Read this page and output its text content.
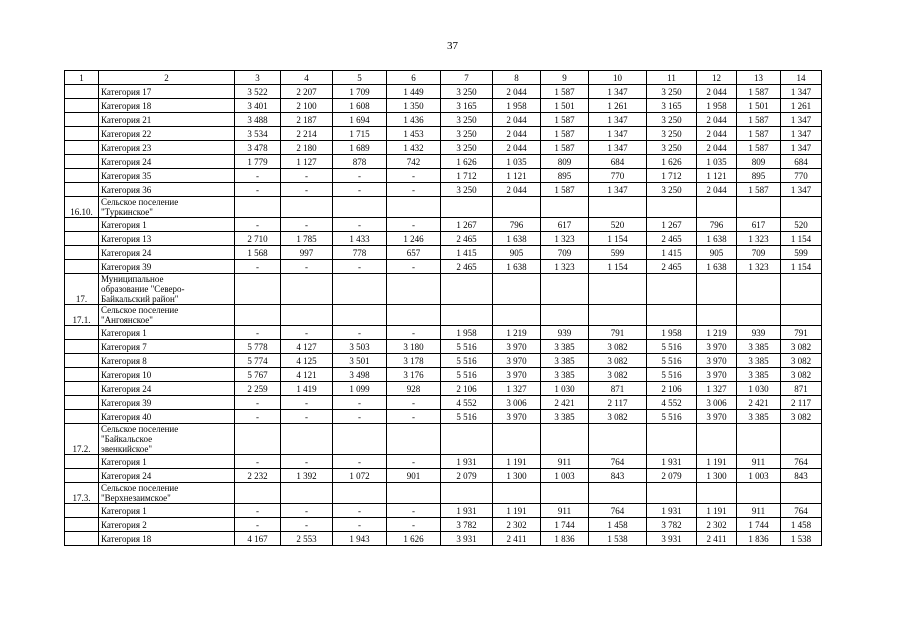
37
1	2	3	4	5	6	7	8	9	10	11	12	13	14

	Категория 17	3 522	2 207	1 709	1 449	3 250	2 044	1 587	1 347	3 250	2 044	1 587	1 347

	Категория 18	3 401	2 100	1 608	1 350	3 165	1 958	1 501	1 261	3 165	1 958	1 501	1 261

	Категория 21	3 488	2 187	1 694	1 436	3 250	2 044	1 587	1 347	3 250	2 044	1 587	1 347

	Категория 22	3 534	2 214	1 715	1 453	3 250	2 044	1 587	1 347	3 250	2 044	1 587	1 347

	Категория 23	3 478	2 180	1 689	1 432	3 250	2 044	1 587	1 347	3 250	2 044	1 587	1 347

	Категория 24	1 779	1 127	878	742	1 626	1 035	809	684	1 626	1 035	809	684

	Категория 35	-	-	-	-	1 712	1 121	895	770	1 712	1 121	895	770

	Категория 36	-	-	-	-	3 250	2 044	1 587	1 347	3 250	2 044	1 587	1 347
16.10.	Сельское поселение
"Туркинское"												

	Категория 1	-	-	-	-	1 267	796	617	520	1 267	796	617	520

	Категория 13	2 710	1 785	1 433	1 246	2 465	1 638	1 323	1 154	2 465	1 638	1 323	1 154

	Категория 24	1 568	997	778	657	1 415	905	709	599	1 415	905	709	599

	Категория 39	-	-	-	-	2 465	1 638	1 323	1 154	2 465	1 638	1 323	1 154
17.	Муниципальное
образование "Северо-
Байкальский район"												

17.1.	Сельское поселение
"Ангоянское"												

	Категория 1	-	-	-	-	1 958	1 219	939	791	1 958	1 219	939	791

	Категория 7	5 778	4 127	3 503	3 180	5 516	3 970	3 385	3 082	5 516	3 970	3 385	3 082

	Категория 8	5 774	4 125	3 501	3 178	5 516	3 970	3 385	3 082	5 516	3 970	3 385	3 082

	Категория 10	5 767	4 121	3 498	3 176	5 516	3 970	3 385	3 082	5 516	3 970	3 385	3 082

	Категория 24	2 259	1 419	1 099	928	2 106	1 327	1 030	871	2 106	1 327	1 030	871

	Категория 39	-	-	-	-	4 552	3 006	2 421	2 117	4 552	3 006	2 421	2 117

	Категория 40	-	-	-	-	5 516	3 970	3 385	3 082	5 516	3 970	3 385	3 082
17.2.	Сельское поселение
"Байкальское
эвенкийское"												

	Категория 1	-	-	-	-	1 931	1 191	911	764	1 931	1 191	911	764

	Категория 24	2 232	1 392	1 072	901	2 079	1 300	1 003	843	2 079	1 300	1 003	843
17.3.	Сельское поселение
"Верхнезаимское"												

	Категория 1	-	-	-	-	1 931	1 191	911	764	1 931	1 191	911	764

	Категория 2	-	-	-	-	3 782	2 302	1 744	1 458	3 782	2 302	1 744	1 458

	Категория 18	4 167	2 553	1 943	1 626	3 931	2 411	1 836	1 538	3 931	2 411	1 836	1 538
